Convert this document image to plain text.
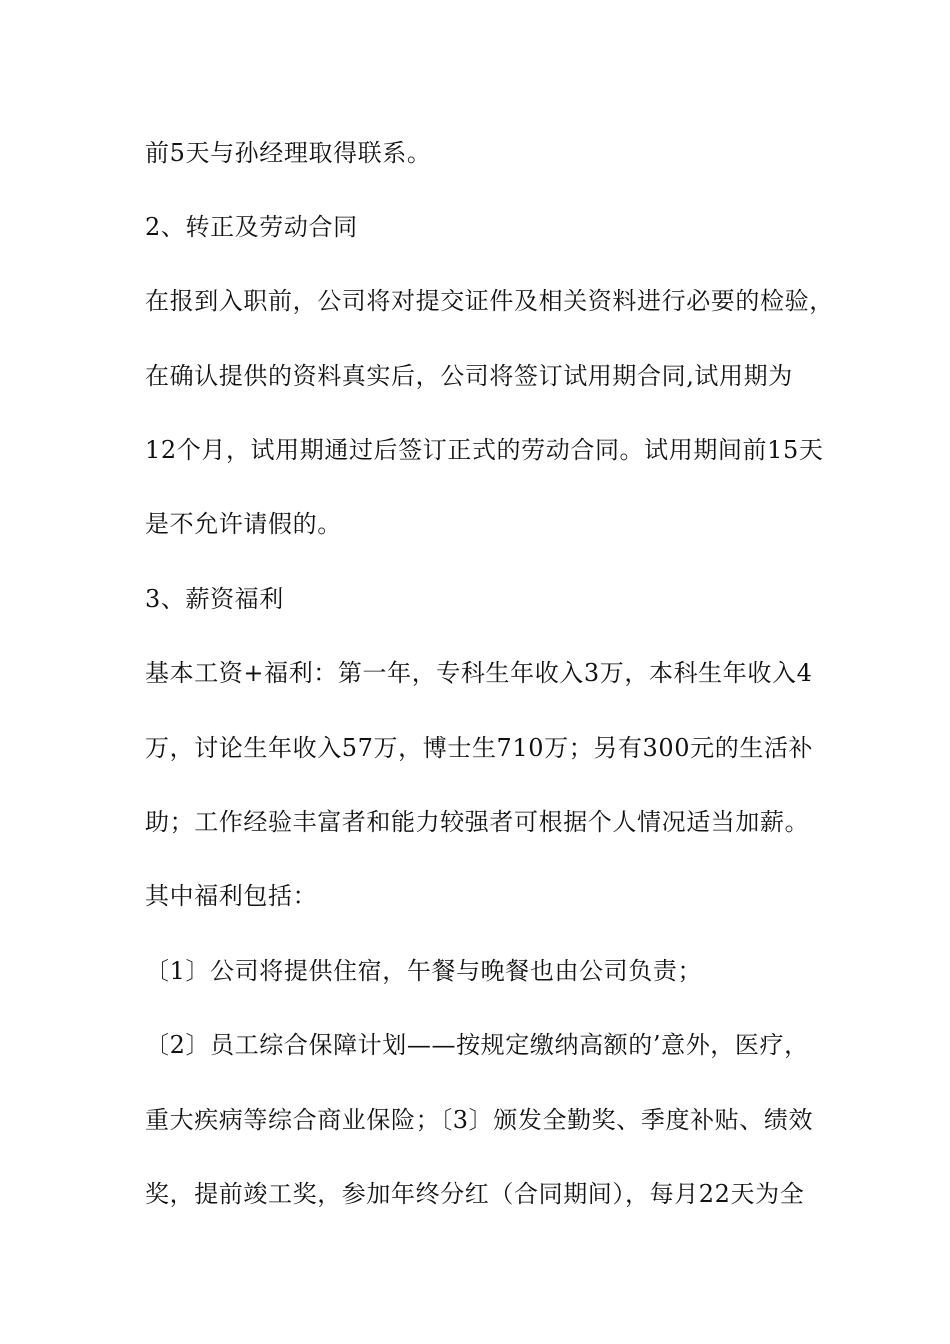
前5天与孙经理取得联系。
2、转正及劳动合同
在报到入职前，公司将对提交证件及相关资料进行必要的检验，
在确认提供的资料真实后，公司将签订试用期合同,试用期为
12个月，试用期通过后签订正式的劳动合同。试用期间前15天
是不允许请假的。
3、薪资福利
基本工资+福利：第一年，专科生年收入3万，本科生年收入4
万，讨论生年收入57万，博士生710万；另有300元的生活补
助；工作经验丰富者和能力较强者可根据个人情况适当加薪。
其中福利包括：
〔1〕公司将提供住宿，午餐与晚餐也由公司负责；
〔2〕员工综合保障计划——按规定缴纳高额的’意外，医疗，
重大疾病等综合商业保险；〔3〕颁发全勤奖、季度补贴、绩效
奖，提前竣工奖，参加年终分红（合同期间），每月22天为全
